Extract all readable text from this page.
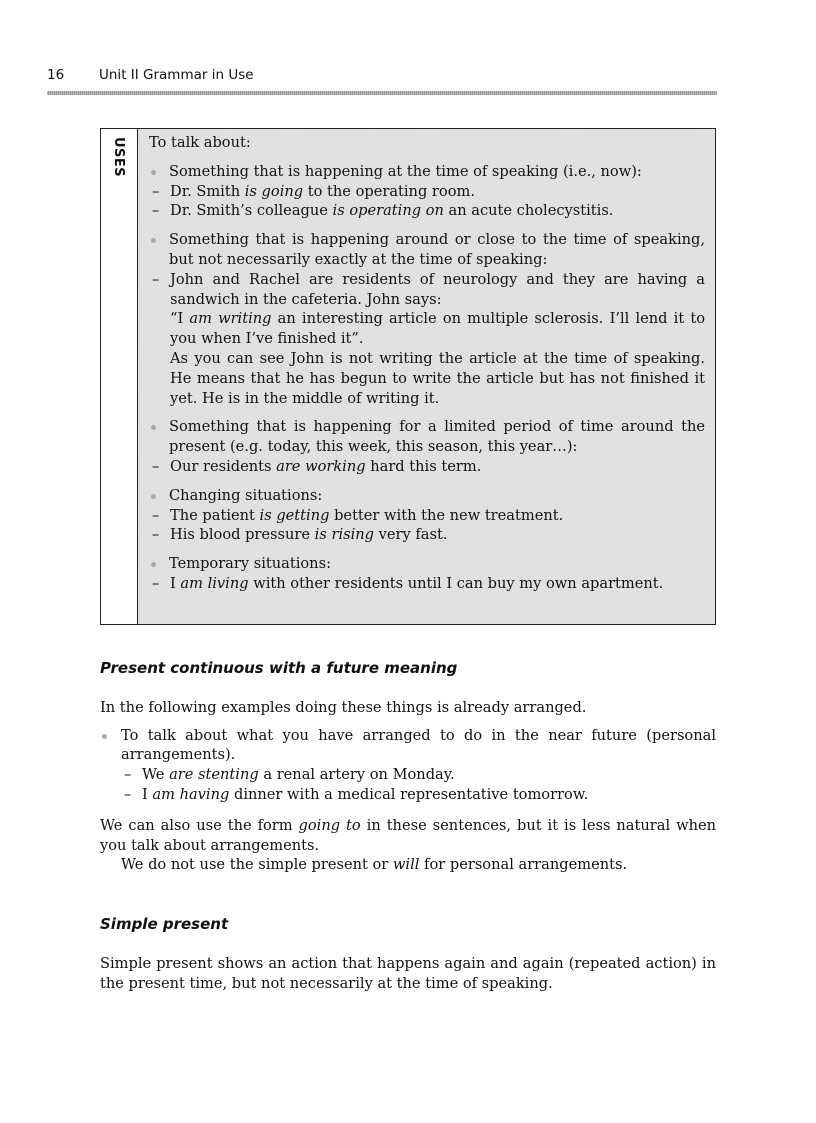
16	Unit II Grammar in Use
USES To talk about:

Something that is happening at the time of speaking (i.e., now):

– Dr. Smith is going to the operating room.

– Dr. Smith’s colleague is operating on an acute cholecystitis.

Something that is happening around or close to the time of speaking, but not necessarily exactly at the time of speaking:

– John and Rachel are residents of neurology and they are having a sandwich in the cafeteria. John says:

“I am writing an interesting article on multiple sclerosis. I’ll lend it to you when I’ve finished it”.

As you can see John is not writing the article at the time of speaking. He means that he has begun to write the article but has not finished it yet. He is in the middle of writing it.

Something that is happening for a limited period of time around the present (e.g. today, this week, this season, this year…):

– Our residents are working hard this term.

Changing situations:

– The patient is getting better with the new treatment.

– His blood pressure is rising very fast.

Temporary situations:

– I am living with other residents until I can buy my own apartment.

Present continuous with a future meaning

In the following examples doing these things is already arranged.

To talk about what you have arranged to do in the near future (personal arrangements).

– We are stenting a renal artery on Monday.

– I am having dinner with a medical representative tomorrow.

We can also use the form going to in these sentences, but it is less natural when you talk about arrangements.

We do not use the simple present or will for personal arrangements.

Simple present

Simple present shows an action that happens again and again (repeated action) in the present time, but not necessarily at the time of speaking.
